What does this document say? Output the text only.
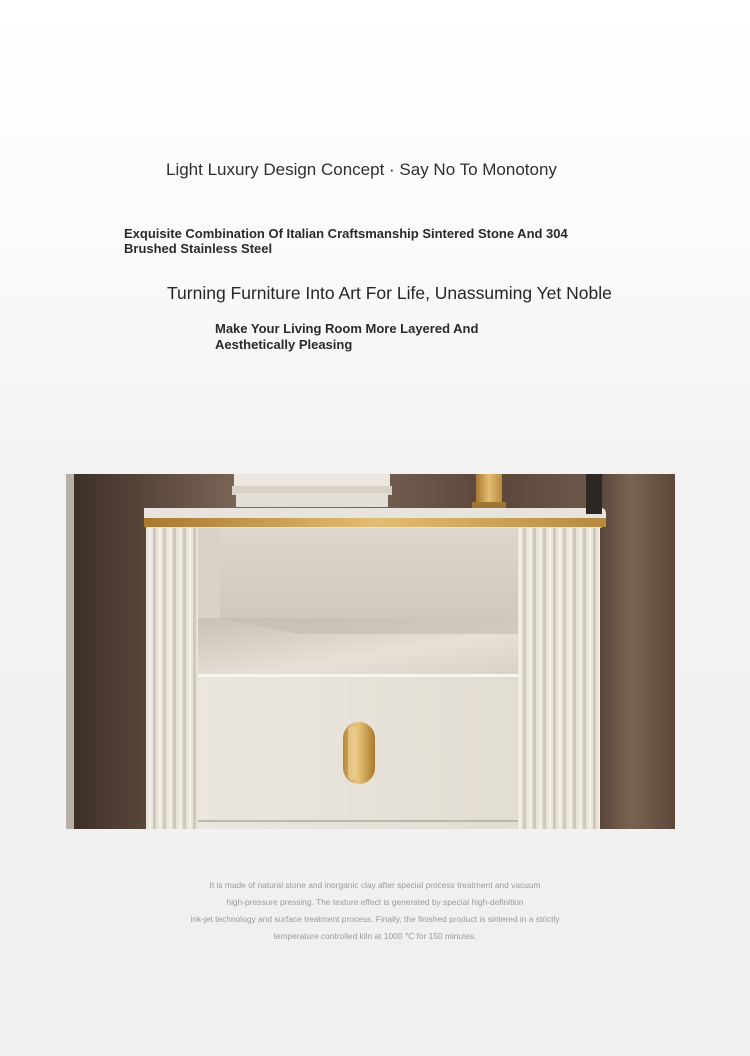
Light Luxury Design Concept · Say No To Monotony

Exquisite Combination Of Italian Craftsmanship Sintered Stone And 304 Brushed Stainless Steel

Turning Furniture Into Art For Life, Unassuming Yet Noble

Make Your Living Room More Layered And Aesthetically Pleasing

It is made of natural stone and inorganic clay after special process treatment and vacuum
high-pressure pressing. The texture effect is generated by special high-definition
ink-jet technology and surface treatment process. Finally, the finished product is sintered in a strictly
temperature controlled kiln at 1000 ℃ for 150 minutes.
